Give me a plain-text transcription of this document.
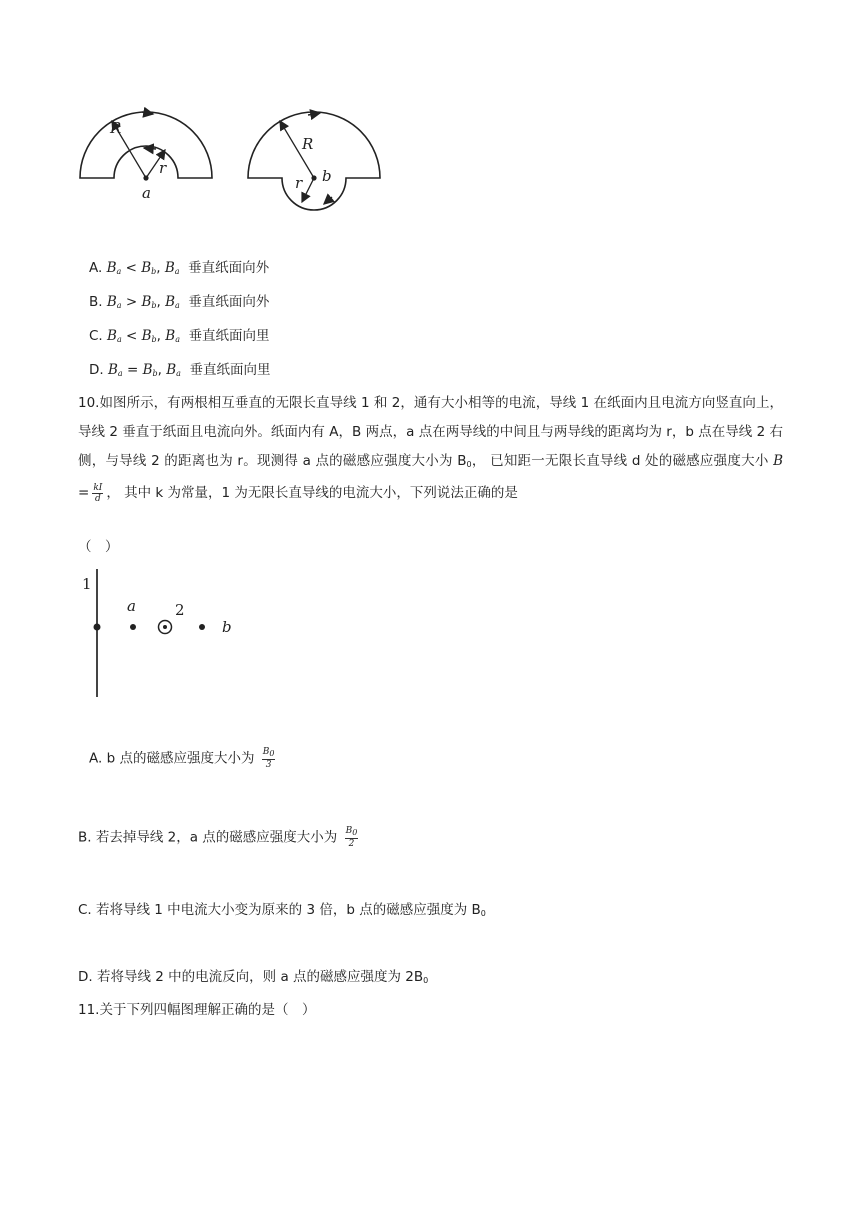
R
r
a
R
r b
A. $B_a < B_b$, $B_a$ 垂直纸面向外
B. $B_a > B_b$, $B_a$ 垂直纸面向外
C. $B_a < B_b$, $B_a$ 垂直纸面向里
D. $B_a = B_b$, $B_a$ 垂直纸面向里
10.如图所示，有两根相互垂直的无限长直导线 1 和 2，通有大小相等的电流，导线 1 在纸面内且电流方向竖直向上，导线 2 垂直于纸面且电流向外。纸面内有 A，B 两点，a 点在两导线的中间且与两导线的距离均为 r，b 点在导线 2 右侧，与导线 2 的距离也为 r。现测得 a 点的磁感应强度大小为 $B_0$， 已知距一无限长直导线 d 处的磁感应强度大小 $B = \frac{kI}{d}$ ， 其中 k 为常量，1 为无限长直导线的电流大小，下列说法正确的是
（　）
1
a	2
b
A. b 点的磁感应强度大小为 $\frac{B_0}{3}$
B. 若去掉导线 2，a 点的磁感应强度大小为 $\frac{B_0}{2}$
C. 若将导线 1 中电流大小变为原来的 3 倍，b 点的磁感应强度为 $B_0$
D. 若将导线 2 中的电流反向，则 a 点的磁感应强度为 $2B_0$
11.关于下列四幅图理解正确的是（　）
